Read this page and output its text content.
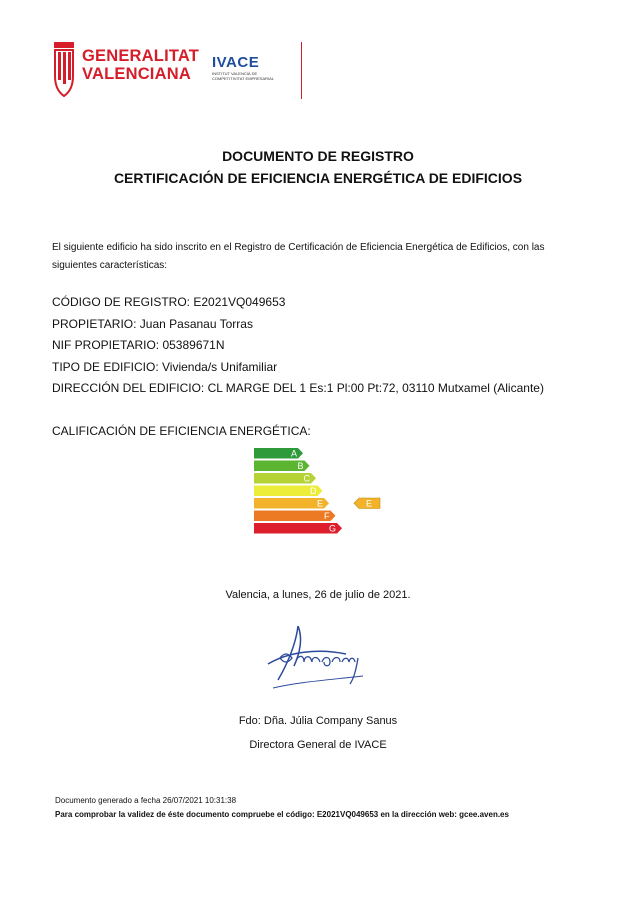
GENERALITAT
VALENCIANA
IVACE
INSTITUT VALENCIÀ DE
COMPETITIVITAT EMPRESARIAL
DOCUMENTO DE REGISTRO
CERTIFICACIÓN DE EFICIENCIA ENERGÉTICA DE EDIFICIOS
El siguiente edificio ha sido inscrito en el Registro de Certificación de Eficiencia Energética de Edificios, con las siguientes características:
CÓDIGO DE REGISTRO: E2021VQ049653
PROPIETARIO: Juan Pasanau Torras
NIF PROPIETARIO: 05389671N
TIPO DE EDIFICIO: Vivienda/s Unifamiliar
DIRECCIÓN DEL EDIFICIO: CL MARGE DEL 1 Es:1 Pl:00 Pt:72, 03110 Mutxamel (Alicante)
CALIFICACIÓN DE EFICIENCIA ENERGÉTICA:
A
B
C
D
E	E
F
G
Valencia, a lunes, 26 de julio de 2021.
Fdo: Dña. Júlia Company Sanus
Directora General de IVACE
Documento generado a fecha 26/07/2021 10:31:38
Para comprobar la validez de éste documento compruebe el código: E2021VQ049653 en la dirección web: gcee.aven.es
